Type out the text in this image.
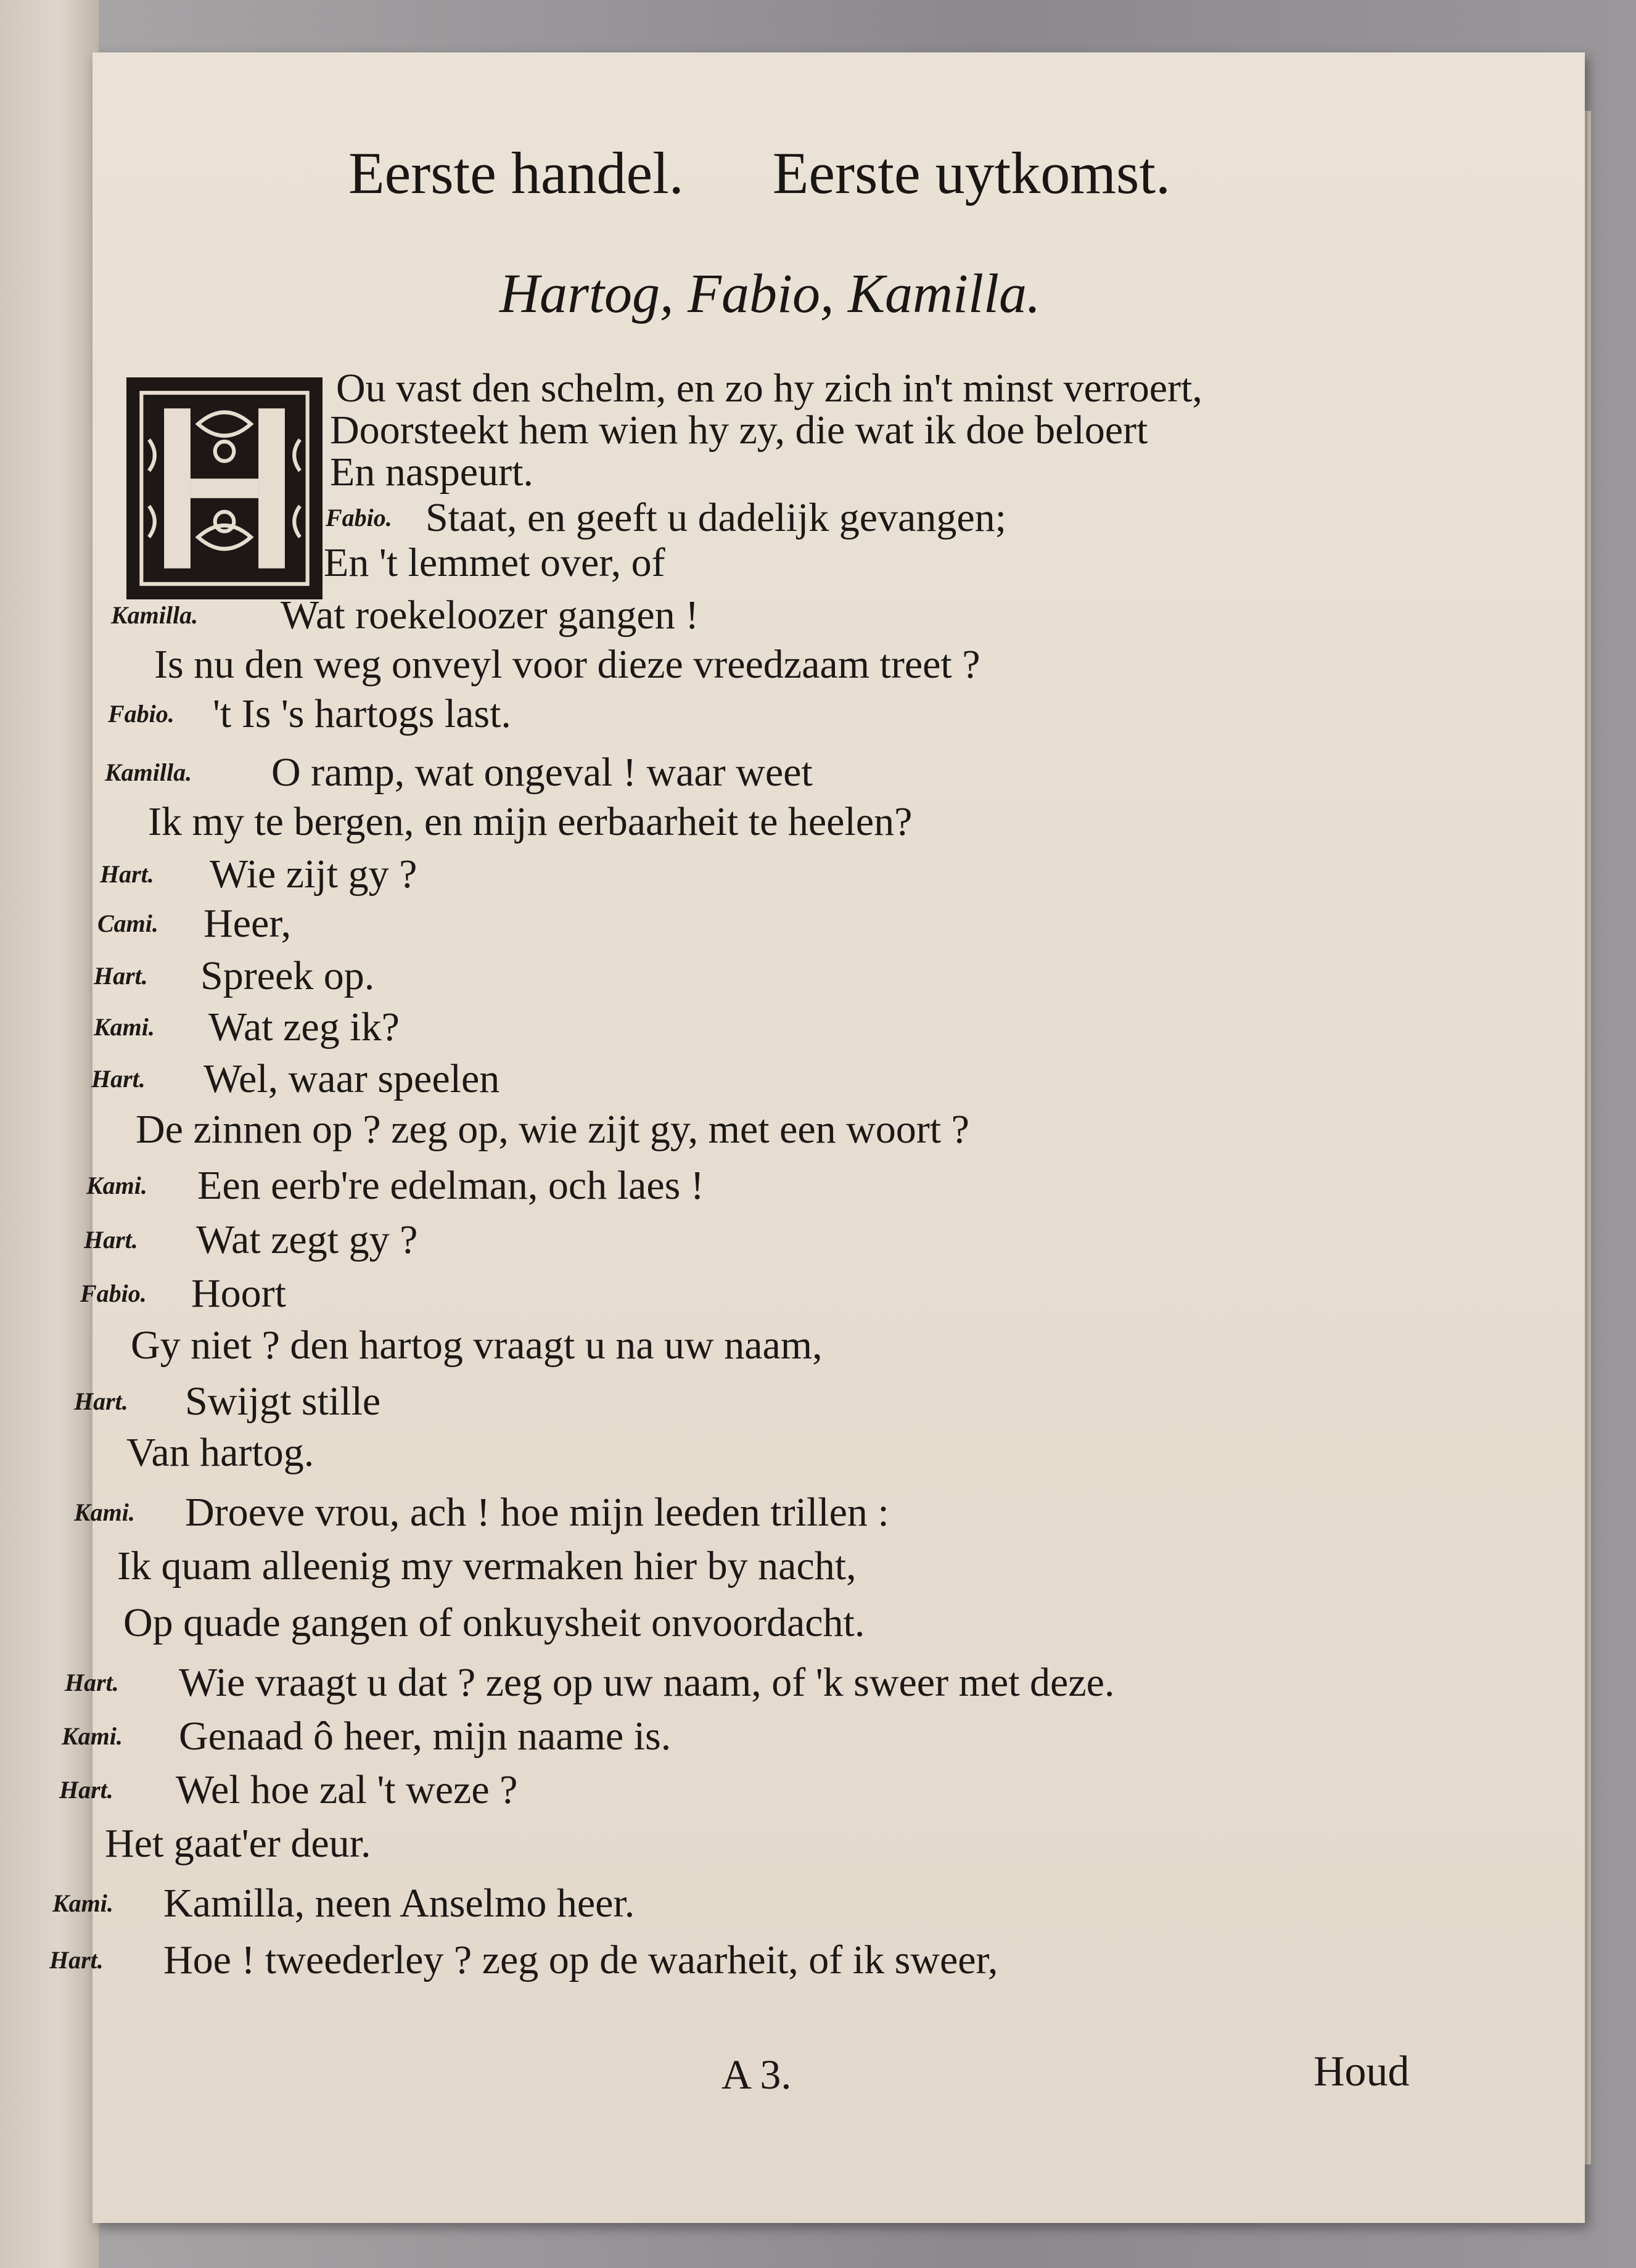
Eerste handel. Eerste uytkomst.
Hartog, Fabio, Kamilla.
Ou vast den schelm, en zo hy zich in't minst verroert,
Doorsteekt hem wien hy zy, die wat ik doe beloert
En naspeurt.
Fabio. Staat, en geeft u dadelijk gevangen;
En 't lemmet over, of
Kamilla. Wat roekeloozer gangen !
Is nu den weg onveyl voor dieze vreedzaam treet ?
Fabio. 't Is 's hartogs last.
Kamilla. O ramp, wat ongeval ! waar weet
Ik my te bergen, en mijn eerbaarheit te heelen?
Hart. Wie zijt gy ?
Cami. Heer,
Hart. Spreek op.
Kami. Wat zeg ik?
Hart. Wel, waar speelen
De zinnen op ? zeg op, wie zijt gy, met een woort ?
Kami. Een eerb're edelman, och laes !
Hart. Wat zegt gy ?
Fabio. Hoort
Gy niet ? den hartog vraagt u na uw naam,
Hart. Swijgt stille
Van hartog.
Kami. Droeve vrou, ach ! hoe mijn leeden trillen :
Ik quam alleenig my vermaken hier by nacht,
Op quade gangen of onkuysheit onvoordacht.
Hart. Wie vraagt u dat ? zeg op uw naam, of 'k sweer met deze.
Kami. Genaad ô heer, mijn naame is.
Hart. Wel hoe zal 't weze ?
Het gaat'er deur.
Kami. Kamilla, neen Anselmo heer.
Hart. Hoe ! tweederley ? zeg op de waarheit, of ik sweer,
A 3.	Houd
